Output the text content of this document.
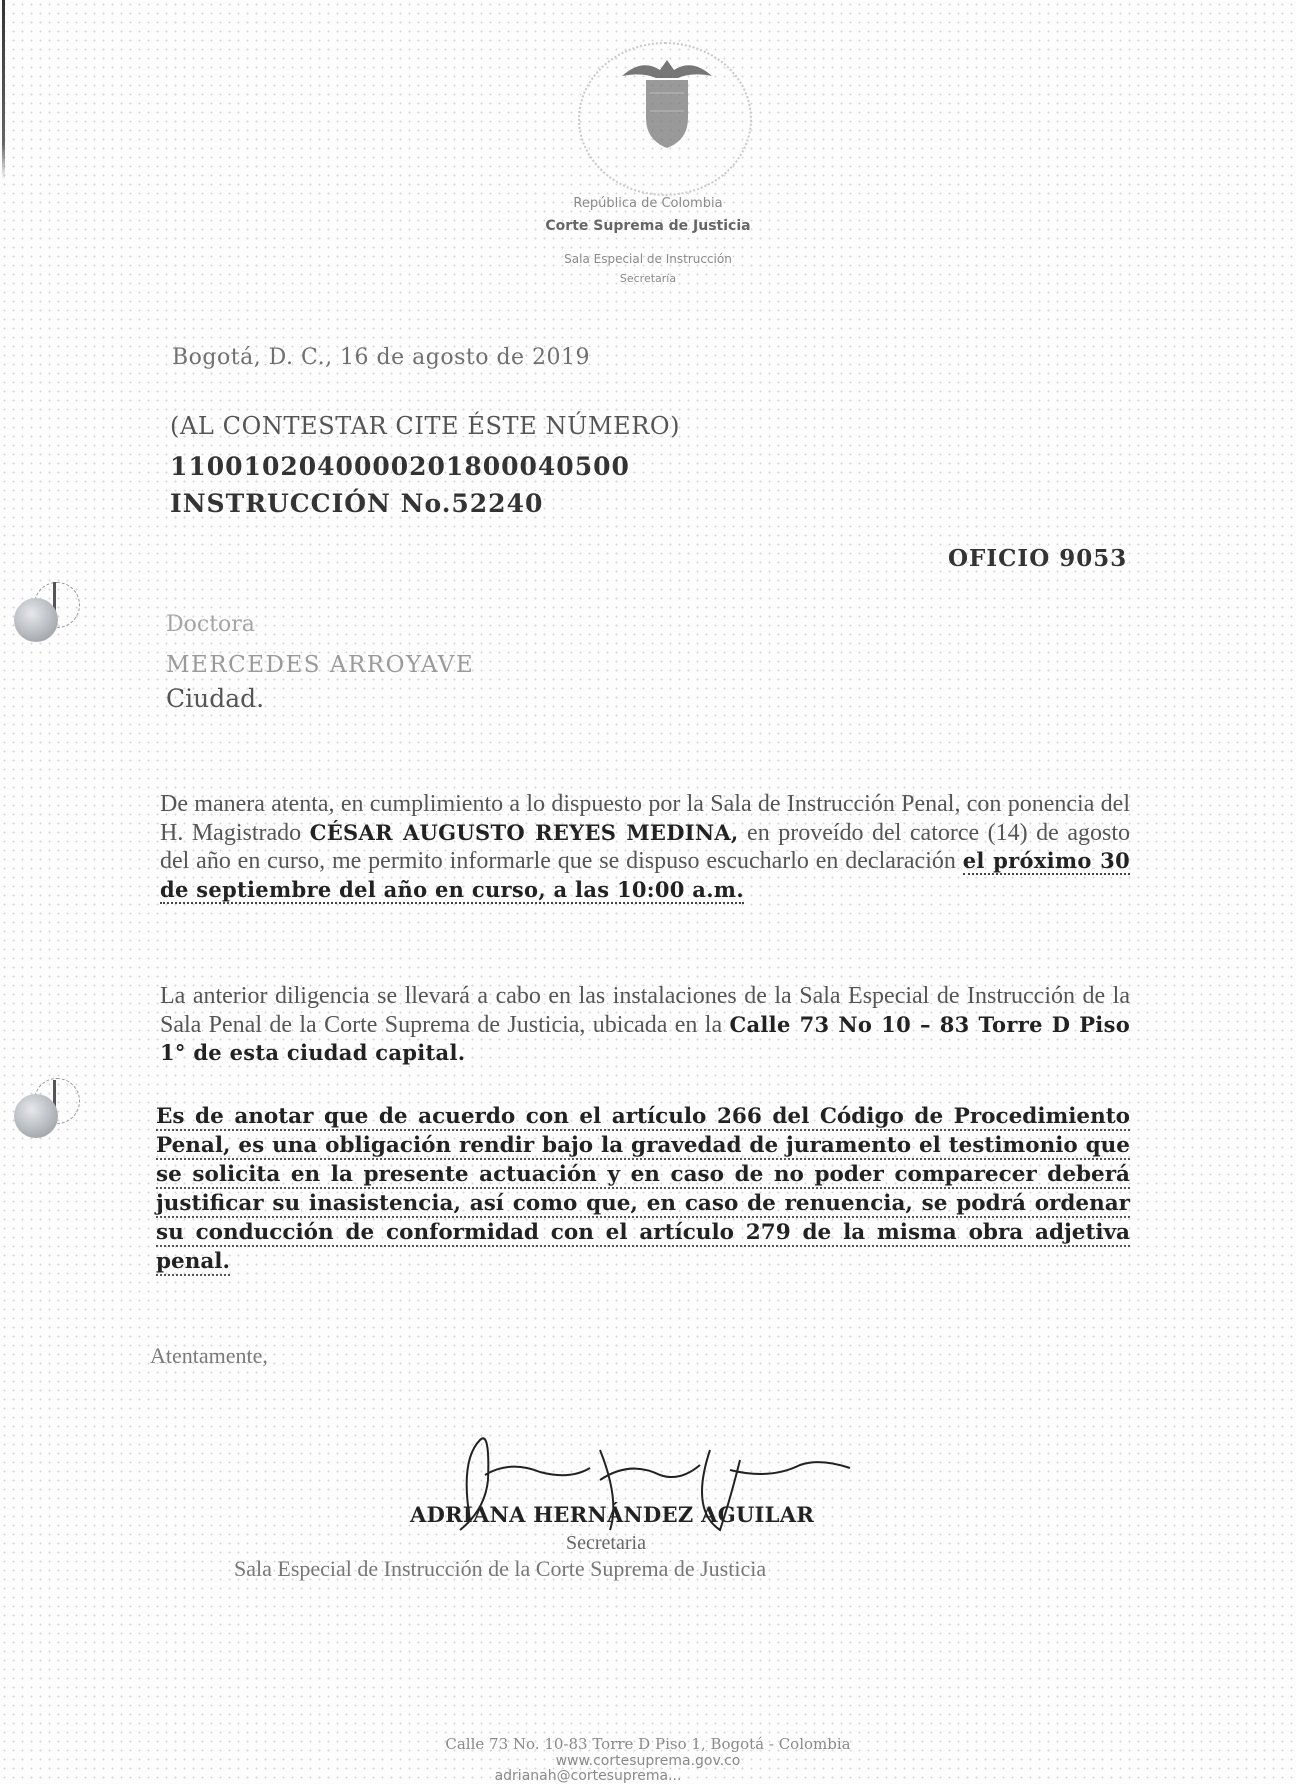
República de Colombia
Corte Suprema de Justicia
Sala Especial de Instrucción
Secretaría
Bogotá, D. C., 16 de agosto de 2019
(AL CONTESTAR CITE ÉSTE NÚMERO)
11001020400002018000405​00
INSTRUCCIÓN No.52240
OFICIO 9053
Doctora
MERCEDES ARROYAVE
Ciudad.
De manera atenta, en cumplimiento a lo dispuesto por la Sala de Instrucción Penal, con ponencia del H. Magistrado CÉSAR AUGUSTO REYES MEDINA, en proveído del catorce (14) de agosto del año en curso, me permito informarle que se dispuso escucharlo en declaración el próximo 30 de septiembre del año en curso, a las 10:00 a.m.
La anterior diligencia se llevará a cabo en las instalaciones de la Sala Especial de Instrucción de la Sala Penal de la Corte Suprema de Justicia, ubicada en la Calle 73 No 10 – 83 Torre D Piso 1° de esta ciudad capital.
Es de anotar que de acuerdo con el artículo 266 del Código de Procedimiento Penal, es una obligación rendir bajo la gravedad de juramento el testimonio que se solicita en la presente actuación y en caso de no poder comparecer deberá justificar su inasistencia, así como que, en caso de renuencia, se podrá ordenar su conducción de conformidad con el artículo 279 de la misma obra adjetiva penal.
Atentamente,
ADRIANA HERNÁNDEZ AGUILAR
Secretaria
Sala Especial de Instrucción de la Corte Suprema de Justicia
Calle 73 No. 10-83 Torre D Piso 1, Bogotá - Colombia
www.cortesuprema.gov.co
adrianah@cortesuprema...
